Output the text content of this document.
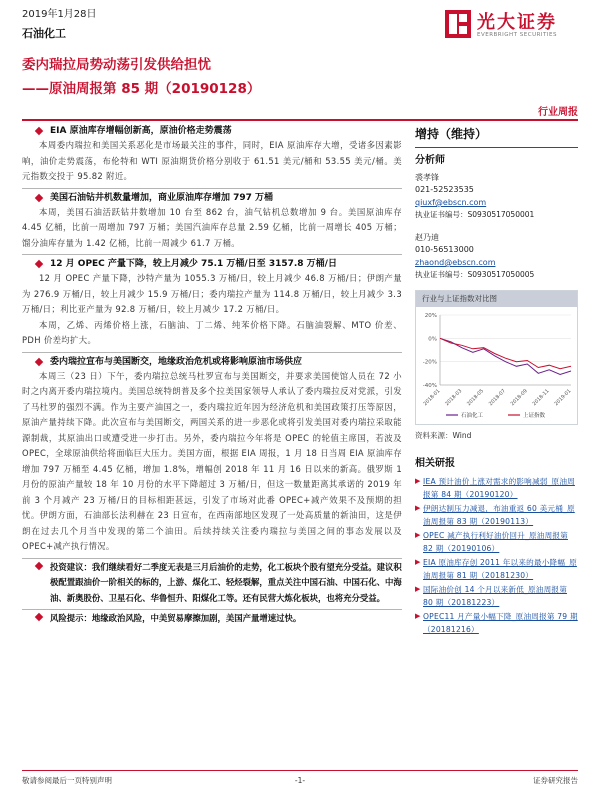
2019年1月28日
石油化工
光大证券
EVERBRIGHT SECURITIES
委内瑞拉局势动荡引发供给担忧
——原油周报第 85 期（20190128）
行业周报
EIA 原油库存增幅创新高，原油价格走势震荡
本周委内瑞拉和美国关系恶化是市场最关注的事件，同时，EIA 原油库存大增，受诸多因素影响，油价走势震荡，布伦特和 WTI 原油期货价格分别收于 61.51 美元/桶和 53.55 美元/桶。美元指数交投于 95.82 附近。
美国石油钻井机数量增加，商业原油库存增加 797 万桶
本周，美国石油活跃钻井数增加 10 台至 862 台，油气钻机总数增加 9 台。美国原油库存 4.45 亿桶，比前一周增加 797 万桶；美国汽油库存总量 2.59 亿桶，比前一周增长 405 万桶；馏分油库存量为 1.42 亿桶，比前一周减少 61.7 万桶。
12 月 OPEC 产量下降，较上月减少 75.1 万桶/日至 3157.8 万桶/日
12 月 OPEC 产量下降，沙特产量为 1055.3 万桶/日，较上月减少 46.8 万桶/日；伊朗产量为 276.9 万桶/日，较上月减少 15.9 万桶/日；委内瑞拉产量为 114.8 万桶/日，较上月减少 3.3 万桶/日；利比亚产量为 92.8 万桶/日，较上月减少 17.2 万桶/日。
本周，乙烯、丙烯价格上涨，石脑油、丁二烯、纯苯价格下降。石脑油裂解、MTO 价差、PDH 价差均扩大。
委内瑞拉宣布与美国断交，地缘政治危机或将影响原油市场供应
本周三（23 日）下午，委内瑞拉总统马杜罗宣布与美国断交，并要求美国使馆人员在 72 小时之内离开委内瑞拉境内。美国总统特朗普及多个拉美国家领导人承认了委内瑞拉反对党派，引发了马杜罗的强烈不满。作为主要产油国之一，委内瑞拉近年因为经济危机和美国政策打压等原因，原油产量持续下降。此次宣布与美国断交，两国关系的进一步恶化或将引发美国对委内瑞拉采取能源制裁，其原油出口或遭受进一步打击。另外，委内瑞拉今年将是 OPEC 的轮值主席国，若波及 OPEC，全球原油供给将面临巨大压力。美国方面，根据 EIA 周报，1 月 18 日当周 EIA 原油库存增加 797 万桶至 4.45 亿桶，增加 1.8%，增幅创 2018 年 11 月 16 日以来的新高。俄罗斯 1 月份的原油产量较 18 年 10 月份的水平下降超过 3 万桶/日，但这一数量距离其承诺的 2019 年前 3 个月减产 23 万桶/日的目标相距甚远，引发了市场对此番 OPEC+减产效果不及预期的担忧。伊朗方面，石油部长法利赫在 23 日宣布，在西南部地区发现了一处高质量的新油田，这是伊朗在过去几个月当中发现的第二个油田。后续持续关注委内瑞拉与美国之间的事态发展以及 OPEC+减产执行情况。
投资建议：我们继续看好二季度无表是三月后油价的走势，化工板块个股有望充分受益。建议积极配置跟油价一阶相关的标的，上游、煤化工、轻烃裂解，重点关注中国石油、中国石化、中海油、新奥股份、卫星石化、华鲁恒升、阳煤化工等。还有民营大炼化板块，也将充分受益。
风险提示：地缘政治风险，中美贸易摩擦加剧，美国产量增速过快。
增持（维持）
分析师
裘孝锋
021-52523535
qiuxf@ebscn.com
执业证书编号：S0930517050001
赵乃迪
010-56513000
zhaond@ebscn.com
执业证书编号：S0930517050005
行业与上证指数对比图
-40%
-20%
0%
20%
2018-01 2018-03 2018-05 2018-07 2018-09 2018-11 2019-01
石油化工	上证指数
资料来源：Wind
相关研报
▶ IEA 预计油价上涨对需求的影响减弱_原油周报第 84 期（20190120）
▶ 伊朗达制压力减退，布油重返 60 美元桶_原油周报第 83 期（20190113）
▶ OPEC 减产执行利好油价回升_原油周报第 82 期（20190106）
▶ EIA 原油库存创 2011 年以来的最小降幅_原油周报第 81 期（20181230）
▶ 国际油价创 14 个月以来新低_原油周报第 80 期（20181223）
▶ OPEC11 月产量小幅下降_原油周报第 79 期（20181216）
敬请参阅最后一页特别声明	-1-	证券研究报告
